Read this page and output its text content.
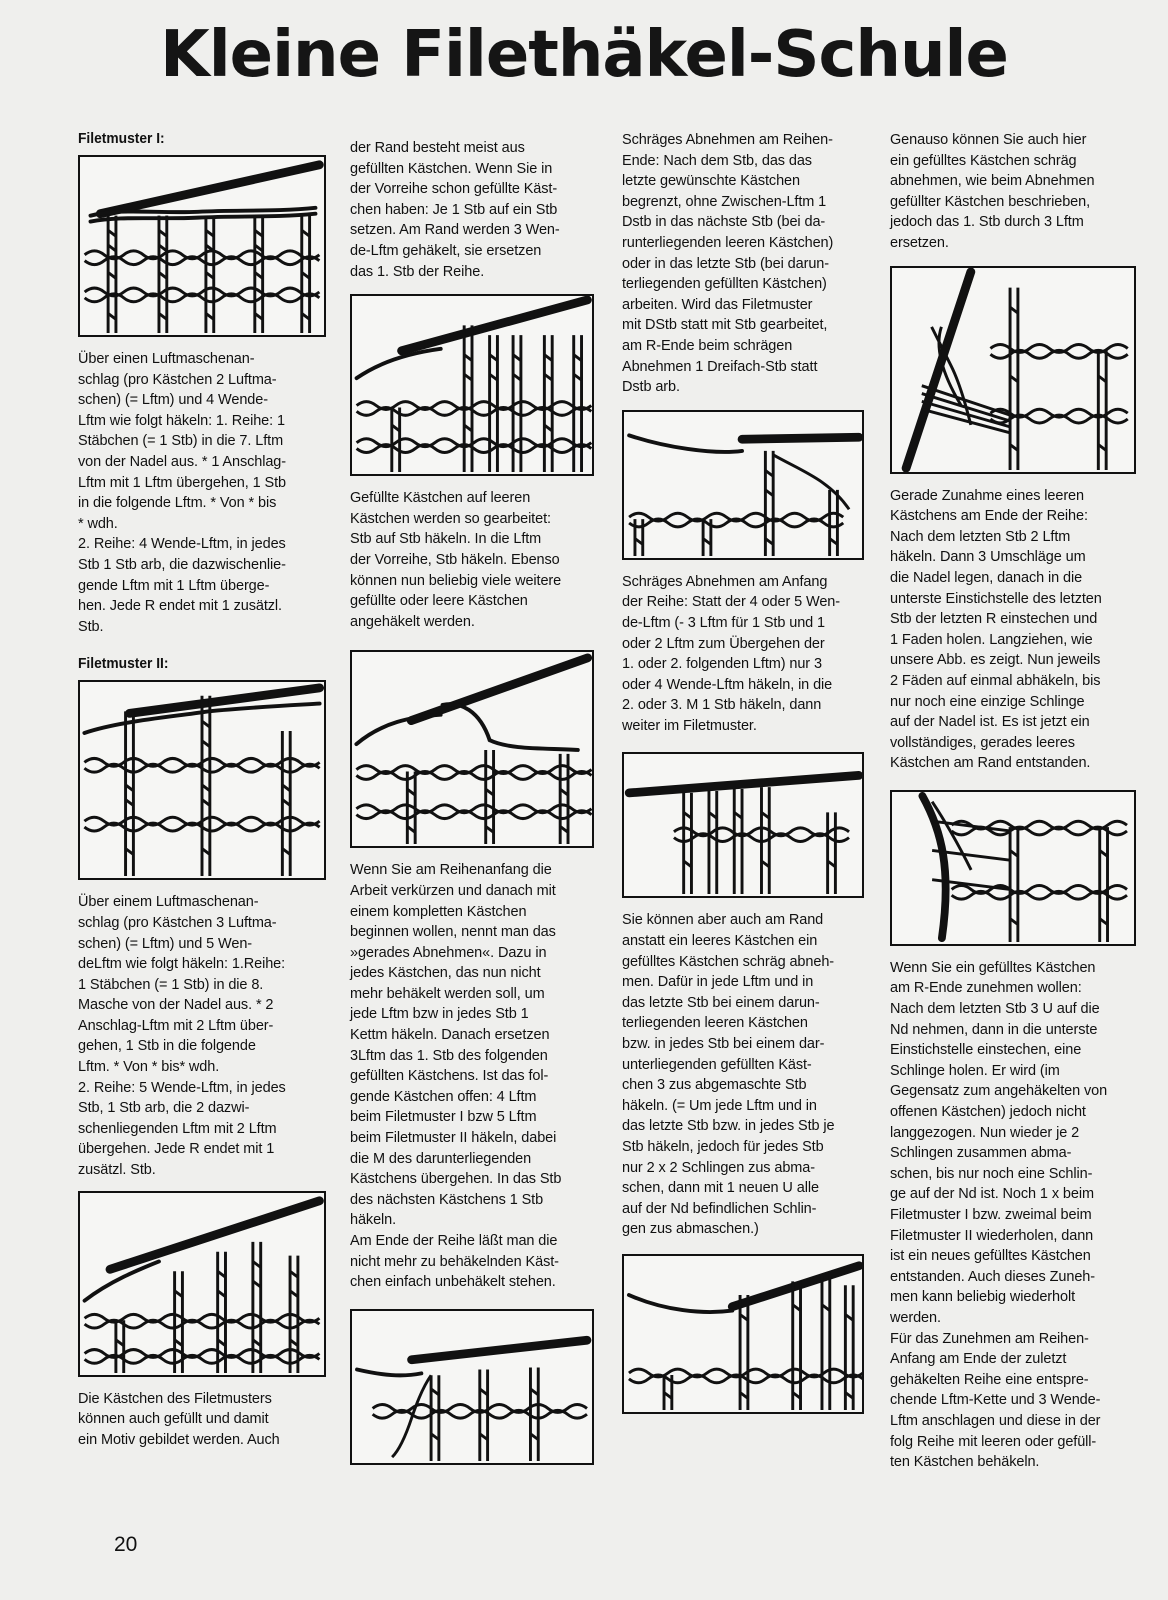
Kleine Filethäkel-Schule
Filetmuster I:

Über einen Luftmaschenan-
schlag (pro Kästchen 2 Luftma-
schen) (= Lftm) und 4 Wende-
Lftm wie folgt häkeln: 1. Reihe: 1
Stäbchen (= 1 Stb) in die 7. Lftm
von der Nadel aus. * 1 Anschlag-
Lftm mit 1 Lftm übergehen, 1 Stb
in die folgende Lftm. * Von * bis
* wdh.
2. Reihe: 4 Wende-Lftm, in jedes
Stb 1 Stb arb, die dazwischenlie-
gende Lftm mit 1 Lftm überge-
hen. Jede R endet mit 1 zusätzl.
Stb.

Filetmuster II:

Über einem Luftmaschenan-
schlag (pro Kästchen 3 Luftma-
schen) (= Lftm) und 5 Wen-
deLftm wie folgt häkeln: 1.Reihe:
1 Stäbchen (= 1 Stb) in die 8.
Masche von der Nadel aus. * 2
Anschlag-Lftm mit 2 Lftm über-
gehen, 1 Stb in die folgende
Lftm. * Von * bis* wdh.
2. Reihe: 5 Wende-Lftm, in jedes
Stb, 1 Stb arb, die 2 dazwi-
schenliegenden Lftm mit 2 Lftm
übergehen. Jede R endet mit 1
zusätzl. Stb.

Die Kästchen des Filetmusters
können auch gefüllt und damit
ein Motiv gebildet werden. Auch

der Rand besteht meist aus
gefüllten Kästchen. Wenn Sie in
der Vorreihe schon gefüllte Käst-
chen haben: Je 1 Stb auf ein Stb
setzen. Am Rand werden 3 Wen-
de-Lftm gehäkelt, sie ersetzen
das 1. Stb der Reihe.

Gefüllte Kästchen auf leeren
Kästchen werden so gearbeitet:
Stb auf Stb häkeln. In die Lftm
der Vorreihe, Stb häkeln. Ebenso
können nun beliebig viele weitere
gefüllte oder leere Kästchen
angehäkelt werden.

Wenn Sie am Reihenanfang die
Arbeit verkürzen und danach mit
einem kompletten Kästchen
beginnen wollen, nennt man das
»gerades Abnehmen«. Dazu in
jedes Kästchen, das nun nicht
mehr behäkelt werden soll, um
jede Lftm bzw in jedes Stb 1
Kettm häkeln. Danach ersetzen
3Lftm das 1. Stb des folgenden
gefüllten Kästchens. Ist das fol-
gende Kästchen offen: 4 Lftm
beim Filetmuster I bzw 5 Lftm
beim Filetmuster II häkeln, dabei
die M des darunterliegenden
Kästchens übergehen. In das Stb
des nächsten Kästchens 1 Stb
häkeln.
Am Ende der Reihe läßt man die
nicht mehr zu behäkelnden Käst-
chen einfach unbehäkelt stehen.

Schräges Abnehmen am Reihen-
Ende: Nach dem Stb, das das
letzte gewünschte Kästchen
begrenzt, ohne Zwischen-Lftm 1
Dstb in das nächste Stb (bei da-
runterliegenden leeren Kästchen)
oder in das letzte Stb (bei darun-
terliegenden gefüllten Kästchen)
arbeiten. Wird das Filetmuster
mit DStb statt mit Stb gearbeitet,
am R-Ende beim schrägen
Abnehmen 1 Dreifach-Stb statt
Dstb arb.

Schräges Abnehmen am Anfang
der Reihe: Statt der 4 oder 5 Wen-
de-Lftm (- 3 Lftm für 1 Stb und 1
oder 2 Lftm zum Übergehen der
1. oder 2. folgenden Lftm) nur 3
oder 4 Wende-Lftm häkeln, in die
2. oder 3. M 1 Stb häkeln, dann
weiter im Filetmuster.

Sie können aber auch am Rand
anstatt ein leeres Kästchen ein
gefülltes Kästchen schräg abneh-
men. Dafür in jede Lftm und in
das letzte Stb bei einem darun-
terliegenden leeren Kästchen
bzw. in jedes Stb bei einem dar-
unterliegenden gefüllten Käst-
chen 3 zus abgemaschte Stb
häkeln. (= Um jede Lftm und in
das letzte Stb bzw. in jedes Stb je
Stb häkeln, jedoch für jedes Stb
nur 2 x 2 Schlingen zus abma-
schen, dann mit 1 neuen U alle
auf der Nd befindlichen Schlin-
gen zus abmaschen.)

Genauso können Sie auch hier
ein gefülltes Kästchen schräg
abnehmen, wie beim Abnehmen
gefüllter Kästchen beschrieben,
jedoch das 1. Stb durch 3 Lftm
ersetzen.

Gerade Zunahme eines leeren
Kästchens am Ende der Reihe:
Nach dem letzten Stb 2 Lftm
häkeln. Dann 3 Umschläge um
die Nadel legen, danach in die
unterste Einstichstelle des letzten
Stb der letzten R einstechen und
1 Faden holen. Langziehen, wie
unsere Abb. es zeigt. Nun jeweils
2 Fäden auf einmal abhäkeln, bis
nur noch eine einzige Schlinge
auf der Nadel ist. Es ist jetzt ein
vollständiges, gerades leeres
Kästchen am Rand entstanden.

Wenn Sie ein gefülltes Kästchen
am R-Ende zunehmen wollen:
Nach dem letzten Stb 3 U auf die
Nd nehmen, dann in die unterste
Einstichstelle einstechen, eine
Schlinge holen. Er wird (im
Gegensatz zum angehäkelten von
offenen Kästchen) jedoch nicht
langgezogen. Nun wieder je 2
Schlingen zusammen abma-
schen, bis nur noch eine Schlin-
ge auf der Nd ist. Noch 1 x beim
Filetmuster I bzw. zweimal beim
Filetmuster II wiederholen, dann
ist ein neues gefülltes Kästchen
entstanden. Auch dieses Zuneh-
men kann beliebig wiederholt
werden.
Für das Zunehmen am Reihen-
Anfang am Ende der zuletzt
gehäkelten Reihe eine entspre-
chende Lftm-Kette und 3 Wende-
Lftm anschlagen und diese in der
folg Reihe mit leeren oder gefüll-
ten Kästchen behäkeln.

20
